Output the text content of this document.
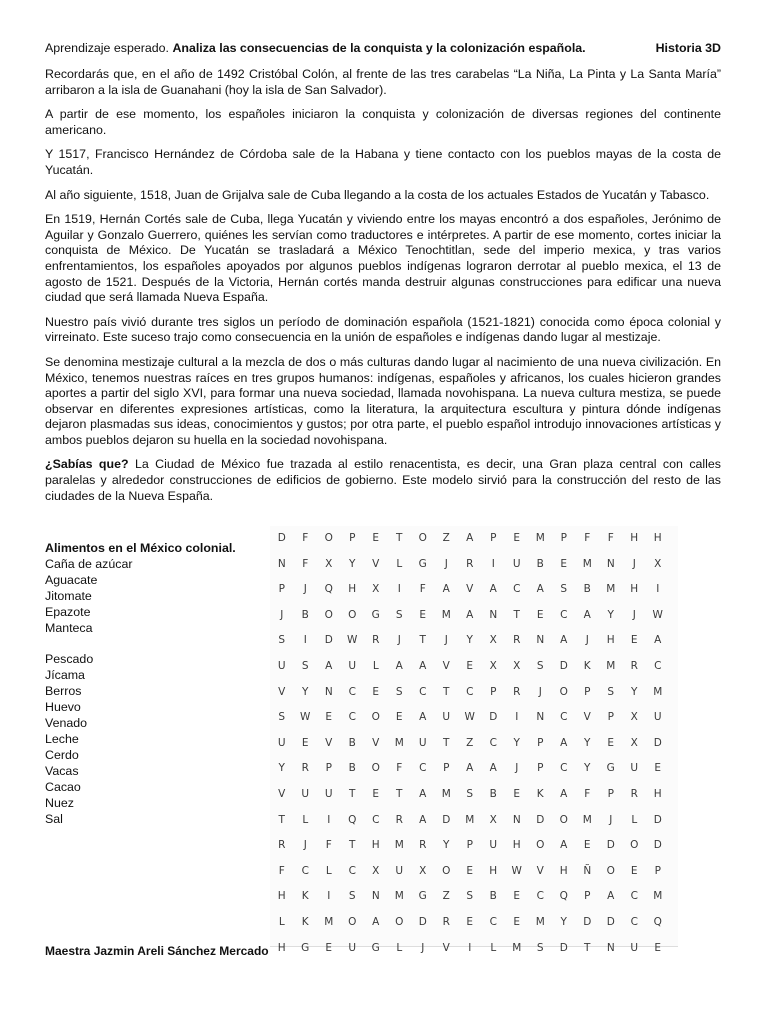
Aprendizaje esperado. Analiza las consecuencias de la conquista y la colonización española.	Historia 3D

Recordarás que, en el año de 1492 Cristóbal Colón, al frente de las tres carabelas “La Niña, La Pinta y La Santa María” arribaron a la isla de Guanahani (hoy la isla de San Salvador).

A partir de ese momento, los españoles iniciaron la conquista y colonización de diversas regiones del continente americano.

Y 1517, Francisco Hernández de Córdoba sale de la Habana y tiene contacto con los pueblos mayas de la costa de Yucatán.

Al año siguiente, 1518, Juan de Grijalva sale de Cuba llegando a la costa de los actuales Estados de Yucatán y Tabasco.

En 1519, Hernán Cortés sale de Cuba, llega Yucatán y viviendo entre los mayas encontró a dos españoles, Jerónimo de Aguilar y Gonzalo Guerrero, quiénes les servían como traductores e intérpretes. A partir de ese momento, cortes iniciar la conquista de México. De Yucatán se trasladará a México Tenochtitlan, sede del imperio mexica, y tras varios enfrentamientos, los españoles apoyados por algunos pueblos indígenas lograron derrotar al pueblo mexica, el 13 de agosto de 1521. Después de la Victoria, Hernán cortés manda destruir algunas construcciones para edificar una nueva ciudad que será llamada Nueva España.

Nuestro país vivió durante tres siglos un período de dominación española (1521-1821) conocida como época colonial y virreinato. Este suceso trajo como consecuencia en la unión de españoles e indígenas dando lugar al mestizaje.

Se denomina mestizaje cultural a la mezcla de dos o más culturas dando lugar al nacimiento de una nueva civilización. En México, tenemos nuestras raíces en tres grupos humanos: indígenas, españoles y africanos, los cuales hicieron grandes aportes a partir del siglo XVI, para formar una nueva sociedad, llamada novohispana. La nueva cultura mestiza, se puede observar en diferentes expresiones artísticas, como la literatura, la arquitectura escultura y pintura dónde indígenas dejaron plasmadas sus ideas, conocimientos y gustos; por otra parte, el pueblo español introdujo innovaciones artísticas y ambos pueblos dejaron su huella en la sociedad novohispana.

¿Sabías que? La Ciudad de México fue trazada al estilo renacentista, es decir, una Gran plaza central con calles paralelas y alrededor construcciones de edificios de gobierno. Este modelo sirvió para la construcción del resto de las ciudades de la Nueva España.

Alimentos en el México colonial.
Caña de azúcar
Aguacate
Jitomate
Epazote
Manteca
Pescado
Jícama
Berros
Huevo
Venado
Leche
Cerdo
Vacas
Cacao
Nuez
Sal
D	F	O	P	E	T	O	Z	A	P	E	M	P	F	F	H	H
N	F	X	Y	V	L	G	J	R	I	U	B	E	M	N	J	X
P	J	Q	H	X	I	F	A	V	A	C	A	S	B	M	H	I
J	B	O	O	G	S	E	M	A	N	T	E	C	A	Y	J	W
S	I	D	W	R	J	T	J	Y	X	R	N	A	J	H	E	A
U	S	A	U	L	A	A	V	E	X	X	S	D	K	M	R	C
V	Y	N	C	E	S	C	T	C	P	R	J	O	P	S	Y	M
S	W	E	C	O	E	A	U	W	D	I	N	C	V	P	X	U
U	E	V	B	V	M	U	T	Z	C	Y	P	A	Y	E	X	D
Y	R	P	B	O	F	C	P	A	A	J	P	C	Y	G	U	E
V	U	U	T	E	T	A	M	S	B	E	K	A	F	P	R	H
T	L	I	Q	C	R	A	D	M	X	N	D	O	M	J	L	D
R	J	F	T	H	M	R	Y	P	U	H	O	A	E	D	O	D
F	C	L	C	X	U	X	O	E	H	W	V	H	Ñ	O	E	P
H	K	I	S	N	M	G	Z	S	B	E	C	Q	P	A	C	M
L	K	M	O	A	O	D	R	E	C	E	M	Y	D	D	C	Q
H	G	E	U	G	L	J	V	I	L	M	S	D	T	N	U	E
Maestra Jazmin Areli Sánchez Mercado
